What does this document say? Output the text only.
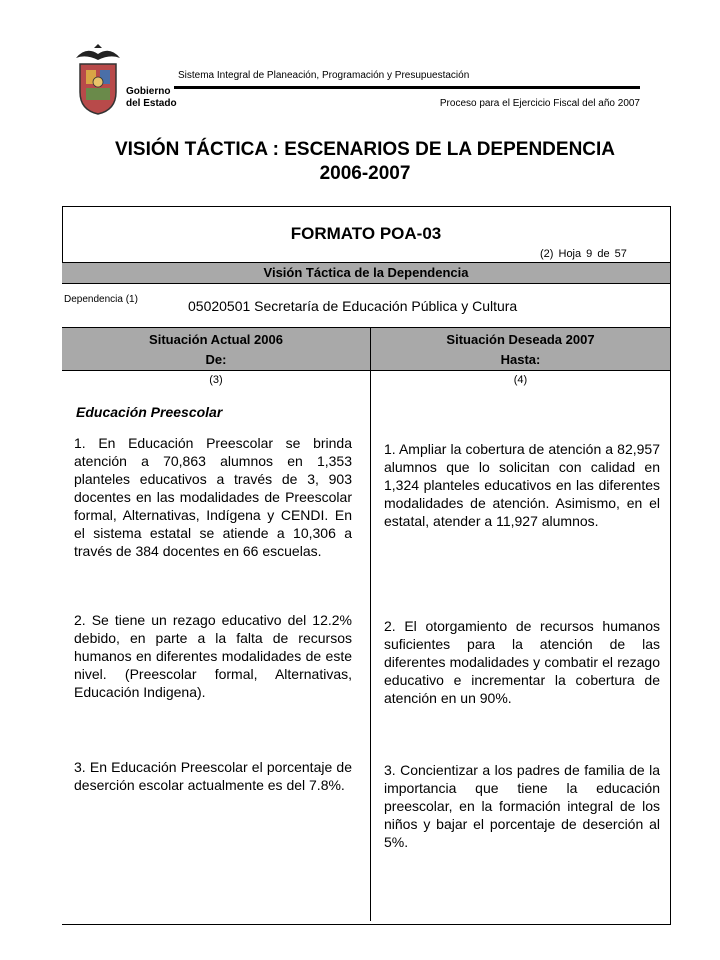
Gobierno
del Estado
Sistema Integral de Planeación, Programación y Presupuestación
Proceso para el Ejercicio Fiscal del año 2007
VISIÓN TÁCTICA : ESCENARIOS DE LA DEPENDENCIA
2006-2007
FORMATO POA-03
(2) Hoja 9 de 57
Visión Táctica de la Dependencia
Dependencia (1)	05020501 Secretaría de Educación Pública y Cultura
Situación Actual 2006
De:
Situación Deseada 2007
Hasta:
(3)	(4)
Educación Preescolar
1. En Educación Preescolar se brinda atención a 70,863 alumnos en 1,353 planteles educativos a través de 3, 903 docentes en las modalidades de Preescolar formal, Alternativas, Indígena y CENDI. En el sistema estatal se atiende a 10,306 a través de 384 docentes en 66 escuelas.
2. Se tiene un rezago educativo del 12.2% debido, en parte a la falta de recursos humanos en diferentes modalidades de este nivel. (Preescolar formal, Alternativas, Educación Indigena).
3. En Educación Preescolar el porcentaje de deserción escolar actualmente es del 7.8%.
1. Ampliar la cobertura de atención a 82,957 alumnos que lo solicitan con calidad en 1,324 planteles educativos en las diferentes modalidades de atención. Asimismo, en el estatal, atender a 11,927 alumnos.
2. El otorgamiento de recursos humanos suficientes para la atención de las diferentes modalidades y combatir el rezago educativo e incrementar la cobertura de atención en un 90%.
3. Concientizar a los padres de familia de la importancia que tiene la educación preescolar, en la formación integral de los niños y bajar el porcentaje de deserción al 5%.
